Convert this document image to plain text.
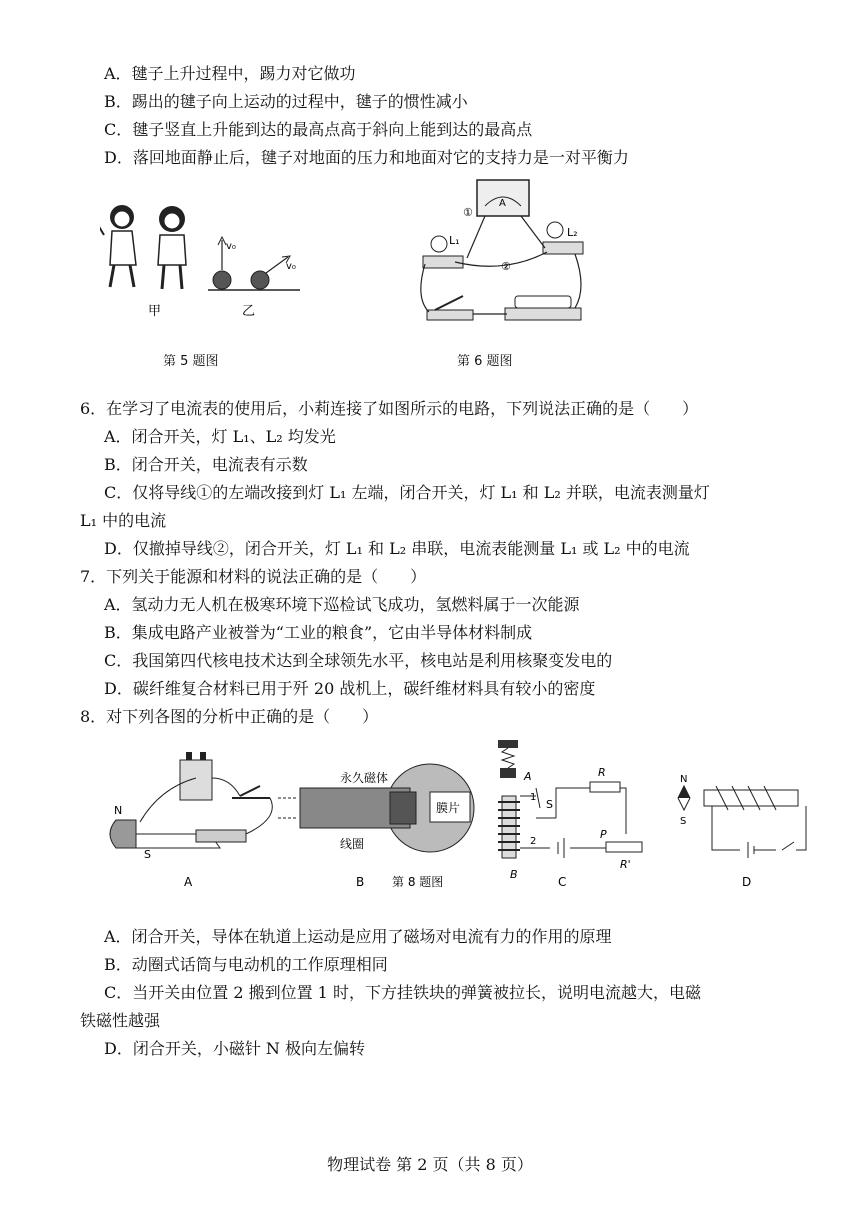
A．毽子上升过程中，踢力对它做功
B．踢出的毽子向上运动的过程中，毽子的惯性减小
C．毽子竖直上升能到达的最高点高于斜向上能到达的最高点
D．落回地面静止后，毽子对地面的压力和地面对它的支持力是一对平衡力
甲
v₀
v₀
乙
第 5 题图
A
L₁
①
L₂
②
第 6 题图
6．在学习了电流表的使用后，小莉连接了如图所示的电路，下列说法正确的是（　　）
A．闭合开关，灯 L₁、L₂ 均发光
B．闭合开关，电流表有示数
C．仅将导线①的左端改接到灯 L₁ 左端，闭合开关，灯 L₁ 和 L₂ 并联，电流表测量灯
L₁ 中的电流
D．仅撤掉导线②，闭合开关，灯 L₁ 和 L₂ 串联，电流表能测量 L₁ 或 L₂ 中的电流
7．下列关于能源和材料的说法正确的是（　　）
A．氢动力无人机在极寒环境下巡检试飞成功，氢燃料属于一次能源
B．集成电路产业被誉为“工业的粮食”，它由半导体材料制成
C．我国第四代核电技术达到全球领先水平，核电站是利用核聚变发电的
D．碳纤维复合材料已用于歼 20 战机上，碳纤维材料具有较小的密度
8．对下列各图的分析中正确的是（　　）
N
S
A
永久磁体
膜片
线圈
B
A
B
R
S
1
2
P
R'
C
第 8 题图
N
S
D
A．闭合开关，导体在轨道上运动是应用了磁场对电流有力的作用的原理
B．动圈式话筒与电动机的工作原理相同
C．当开关由位置 2 搬到位置 1 时，下方挂铁块的弹簧被拉长，说明电流越大，电磁
铁磁性越强
D．闭合开关，小磁针 N 极向左偏转
物理试卷 第 2 页（共 8 页）
